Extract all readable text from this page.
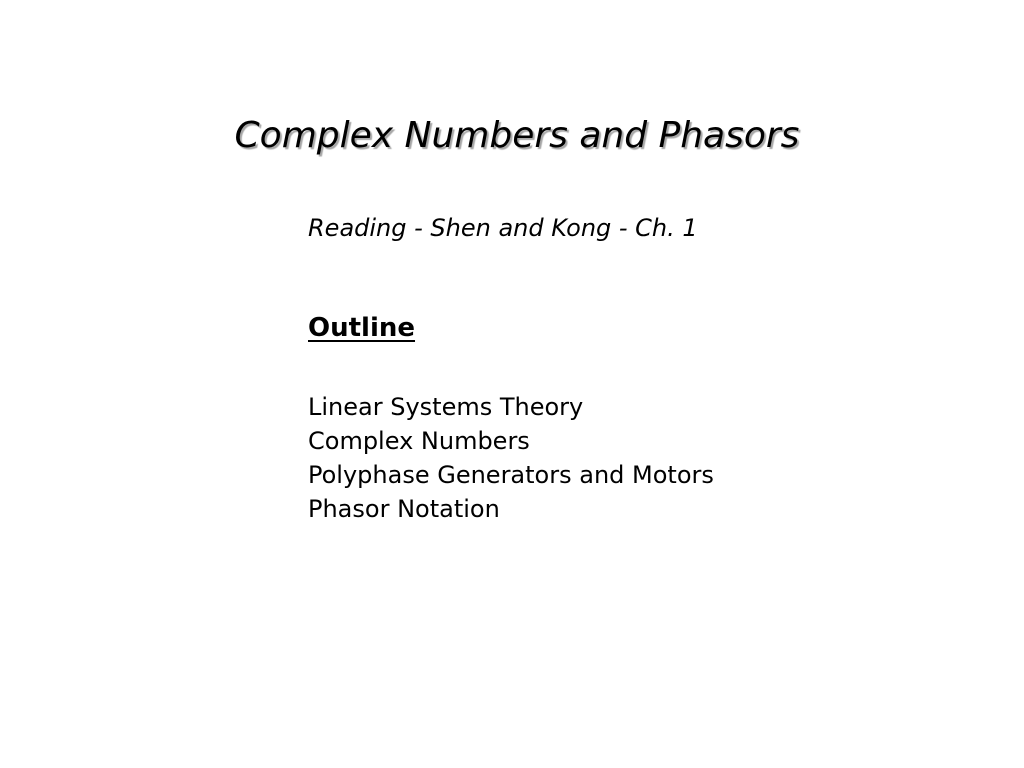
Complex Numbers and Phasors

Reading - Shen and Kong - Ch. 1

Outline
Linear Systems Theory
Complex Numbers
Polyphase Generators and Motors
Phasor Notation
